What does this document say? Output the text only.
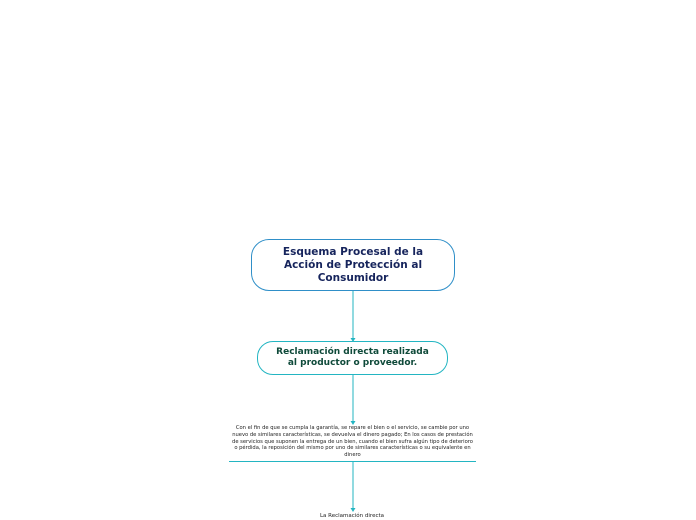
Esquema Procesal de la Acción de Protección al Consumidor
Reclamación directa realizada al productor o proveedor.
Con el fin de que se cumpla la garantía, se repare el bien o el servicio, se cambie por uno nuevo de similares características, se devuelva el dinero pagado; En los casos de prestación de servicios que suponen la entrega de un bien, cuando el bien sufra algún tipo de deterioro o pérdida, la reposición del mismo por uno de similares características o su equivalente en dinero
La Reclamación directa
